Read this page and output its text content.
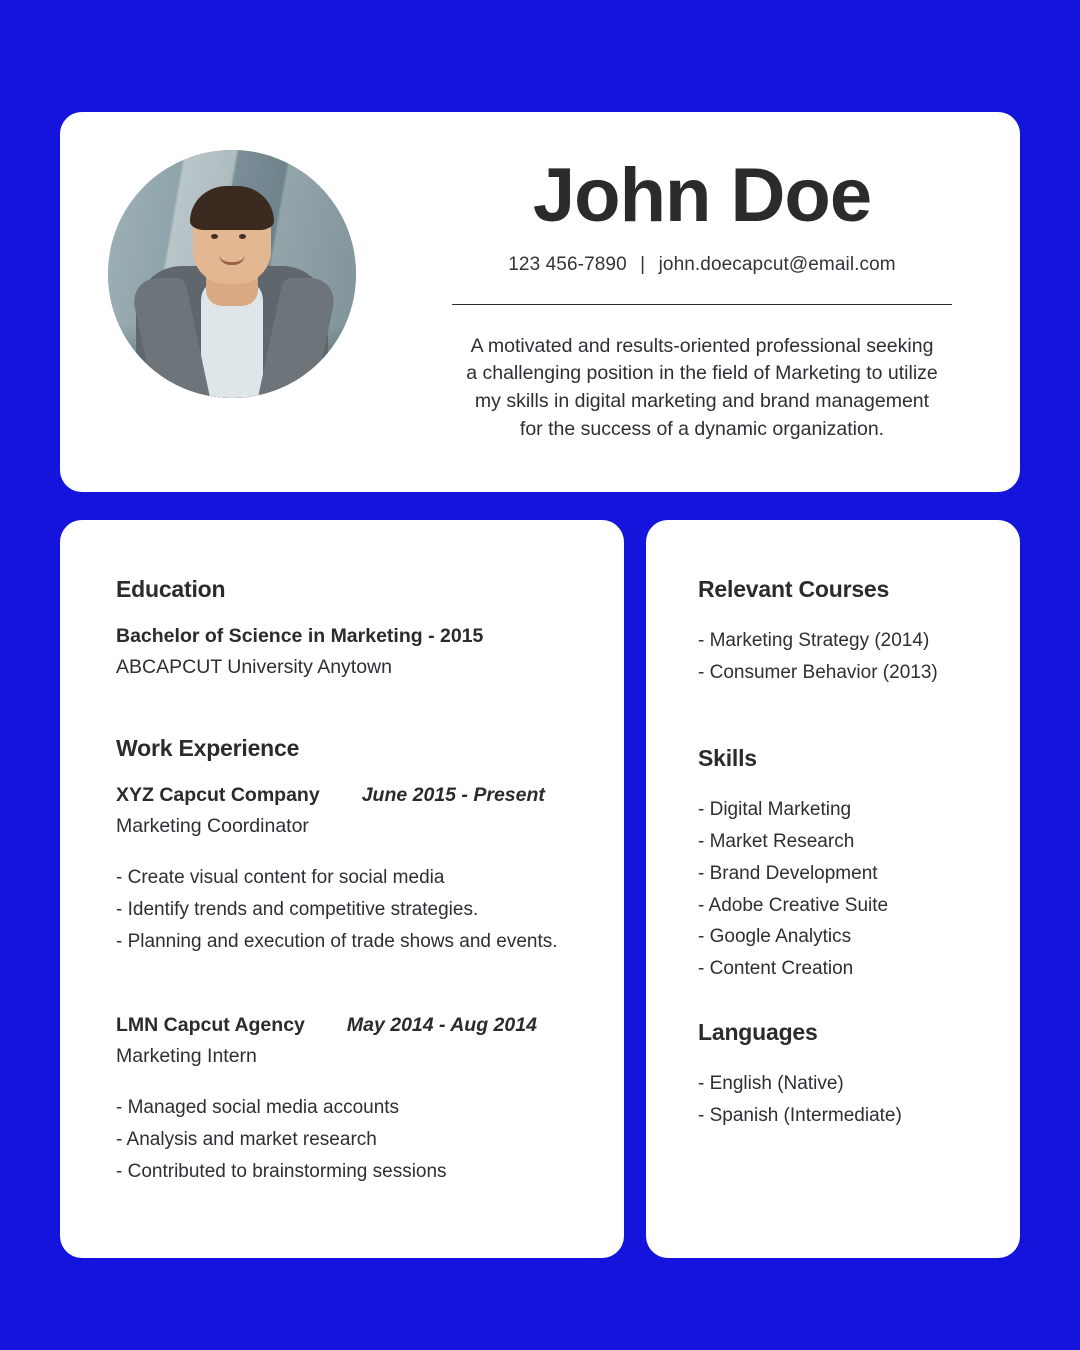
John Doe
123 456-7890 | john.doecapcut@email.com
A motivated and results-oriented professional seeking
a challenging position in the field of Marketing to utilize
my skills in digital marketing and brand management
for the success of a dynamic organization.
Education
Bachelor of Science in Marketing - 2015
ABCAPCUT University Anytown
Work Experience
XYZ Capcut Company June 2015 - Present
Marketing Coordinator
- Create visual content for social media
- Identify trends and competitive strategies.
- Planning and execution of trade shows and events.
LMN Capcut Agency May 2014 - Aug 2014
Marketing Intern
- Managed social media accounts
- Analysis and market research
- Contributed to brainstorming sessions
Relevant Courses
- Marketing Strategy (2014)
- Consumer Behavior (2013)
Skills
- Digital Marketing
- Market Research
- Brand Development
- Adobe Creative Suite
- Google Analytics
- Content Creation
Languages
- English (Native)
- Spanish (Intermediate)
